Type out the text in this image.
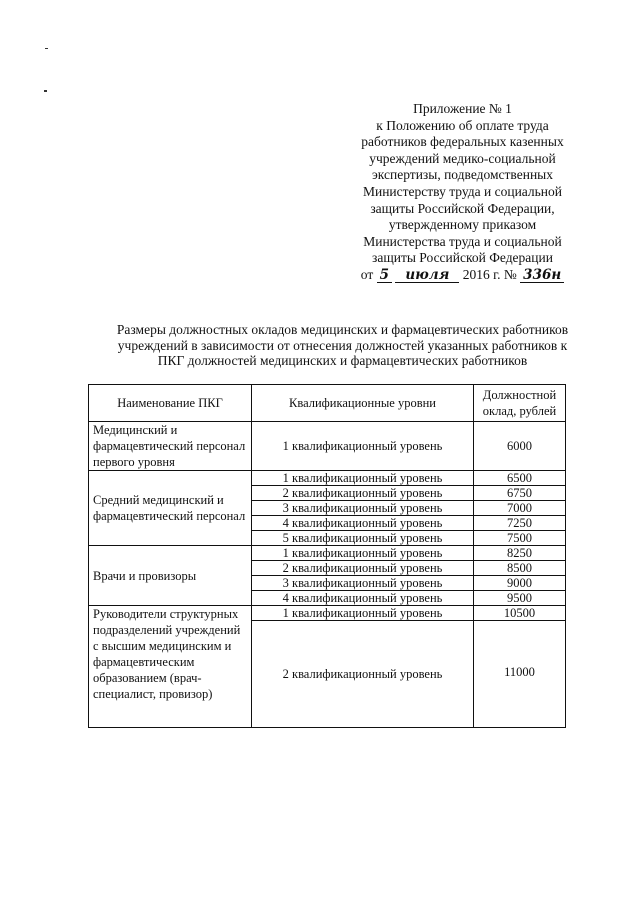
Приложение № 1
к Положению об оплате труда
работников федеральных казенных
учреждений медико-социальной
экспертизы, подведомственных
Министерству труда и социальной
защиты Российской Федерации,
утвержденному приказом
Министерства труда и социальной
защиты Российской Федерации
от 5 июля 2016 г. № 336н
Размеры должностных окладов медицинских и фармацевтических работников
учреждений в зависимости от отнесения должностей указанных работников к
ПКГ должностей медицинских и фармацевтических работников
Наименование ПКГ	Квалификационные уровни	Должностной оклад, рублей
Медицинский и фармацевтический персонал первого уровня	1 квалификационный уровень	6000
Средний медицинский и фармацевтический персонал	1 квалификационный уровень	6500
	2 квалификационный уровень	6750
	3 квалификационный уровень	7000
	4 квалификационный уровень	7250
	5 квалификационный уровень	7500
Врачи и провизоры	1 квалификационный уровень	8250
	2 квалификационный уровень	8500
	3 квалификационный уровень	9000
	4 квалификационный уровень	9500
Руководители структурных подразделений учреждений с высшим медицинским и фармацевтическим образованием (врач-специалист, провизор)	1 квалификационный уровень	10500
	2 квалификационный уровень	11000
